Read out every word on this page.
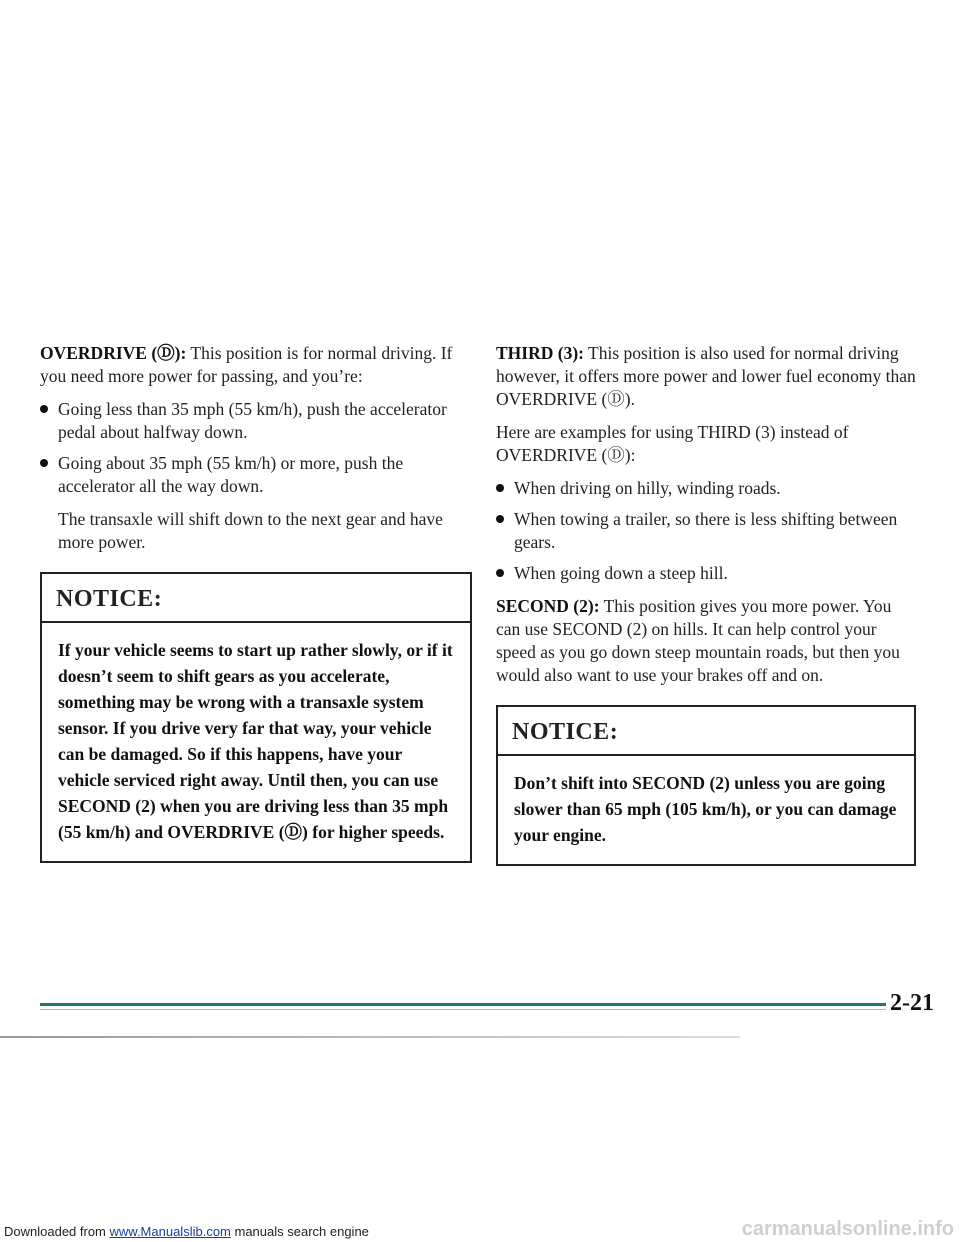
OVERDRIVE (Ⓓ): This position is for normal driving. If you need more power for passing, and you’re:

Going less than 35 mph (55 km/h), push the accelerator pedal about halfway down.
Going about 35 mph (55 km/h) or more, push the accelerator all the way down.

The transaxle will shift down to the next gear and have more power.

NOTICE:
If your vehicle seems to start up rather slowly, or if it doesn’t seem to shift gears as you accelerate, something may be wrong with a transaxle system sensor. If you drive very far that way, your vehicle can be damaged. So if this happens, have your vehicle serviced right away. Until then, you can use SECOND (2) when you are driving less than 35 mph (55 km/h) and OVERDRIVE (Ⓓ) for higher speeds.

THIRD (3): This position is also used for normal driving however, it offers more power and lower fuel economy than OVERDRIVE (Ⓓ).

Here are examples for using THIRD (3) instead of OVERDRIVE (Ⓓ):

When driving on hilly, winding roads.
When towing a trailer, so there is less shifting between gears.
When going down a steep hill.

SECOND (2): This position gives you more power. You can use SECOND (2) on hills. It can help control your speed as you go down steep mountain roads, but then you would also want to use your brakes off and on.

NOTICE:
Don’t shift into SECOND (2) unless you are going slower than 65 mph (105 km/h), or you can damage your engine.
2-21
Downloaded from www.Manualslib.com manuals search engine	carmanualsonline.info
